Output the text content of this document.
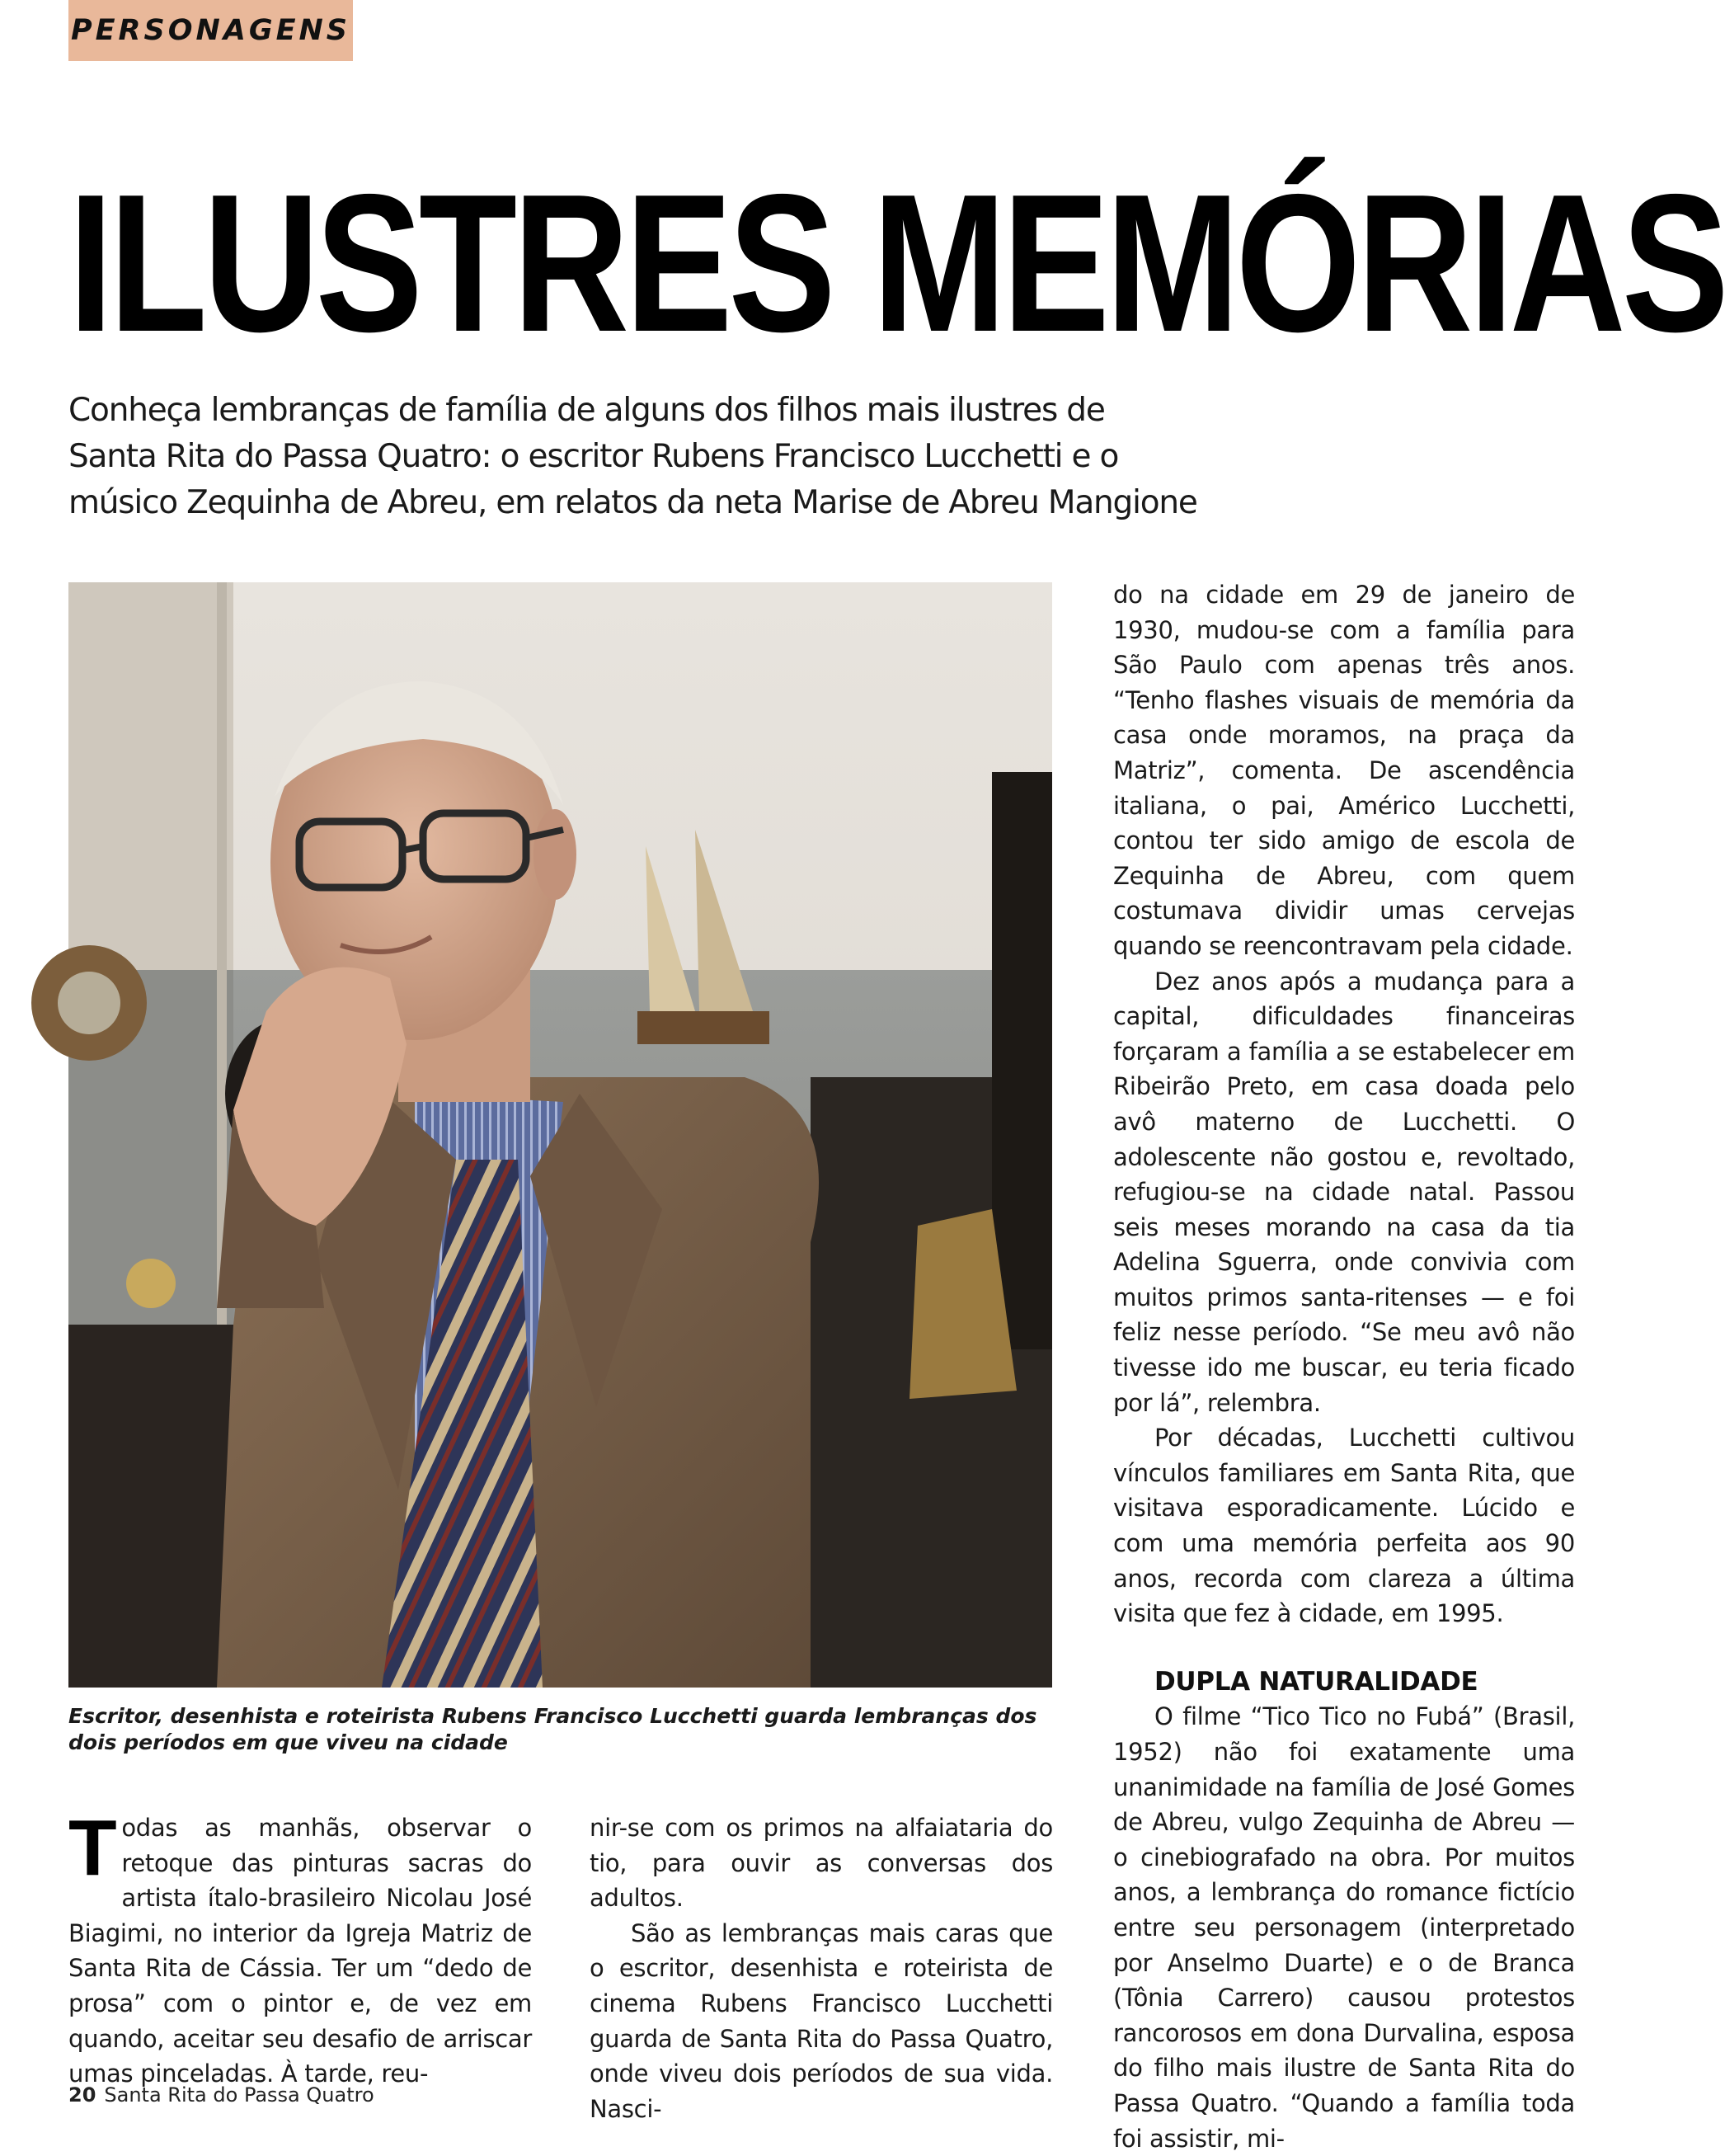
PERSONAGENS
ILUSTRES MEMÓRIAS
Conheça lembranças de família de alguns dos filhos mais ilustres de Santa Rita do Passa Quatro: o escritor Rubens Francisco Lucchetti e o músico Zequinha de Abreu, em relatos da neta Marise de Abreu Mangione

Escritor, desenhista e roteirista Rubens Francisco Lucchetti guarda lembranças dos dois períodos em que viveu na cidade

Todas as manhãs, observar o retoque das pinturas sacras do artista ítalo-brasileiro Nicolau José Biagimi, no interior da Igreja Matriz de Santa Rita de Cássia. Ter um “dedo de prosa” com o pintor e, de vez em quando, aceitar seu desafio de arriscar umas pinceladas. À tarde, reu-

nir-se com os primos na alfaiataria do tio, para ouvir as conversas dos adultos.

São as lembranças mais caras que o escritor, desenhista e roteirista de cinema Rubens Francisco Lucchetti guarda de Santa Rita do Passa Quatro, onde viveu dois períodos de sua vida. Nasci-

do na cidade em 29 de janeiro de 1930, mudou-se com a família para São Paulo com apenas três anos. “Tenho flashes visuais de memória da casa onde moramos, na praça da Matriz”, comenta. De ascendência italiana, o pai, Américo Lucchetti, contou ter sido amigo de escola de Zequinha de Abreu, com quem costumava dividir umas cervejas quando se reencontravam pela cidade.

Dez anos após a mudança para a capital, dificuldades financeiras forçaram a família a se estabelecer em Ribeirão Preto, em casa doada pelo avô materno de Lucchetti. O adolescente não gostou e, revoltado, refugiou-se na cidade natal. Passou seis meses morando na casa da tia Adelina Sguerra, onde convivia com muitos primos santa-ritenses — e foi feliz nesse período. “Se meu avô não tivesse ido me buscar, eu teria ficado por lá”, relembra.

Por décadas, Lucchetti cultivou vínculos familiares em Santa Rita, que visitava esporadicamente. Lúcido e com uma memória perfeita aos 90 anos, recorda com clareza a última visita que fez à cidade, em 1995.

DUPLA NATURALIDADE

O filme “Tico Tico no Fubá” (Brasil, 1952) não foi exatamente uma unanimidade na família de José Gomes de Abreu, vulgo Zequinha de Abreu — o cinebiografado na obra. Por muitos anos, a lembrança do romance fictício entre seu personagem (interpretado por Anselmo Duarte) e o de Branca (Tônia Carrero) causou protestos rancorosos em dona Durvalina, esposa do filho mais ilustre de Santa Rita do Passa Quatro. “Quando a família toda foi assistir, mi-

20 Santa Rita do Passa Quatro
